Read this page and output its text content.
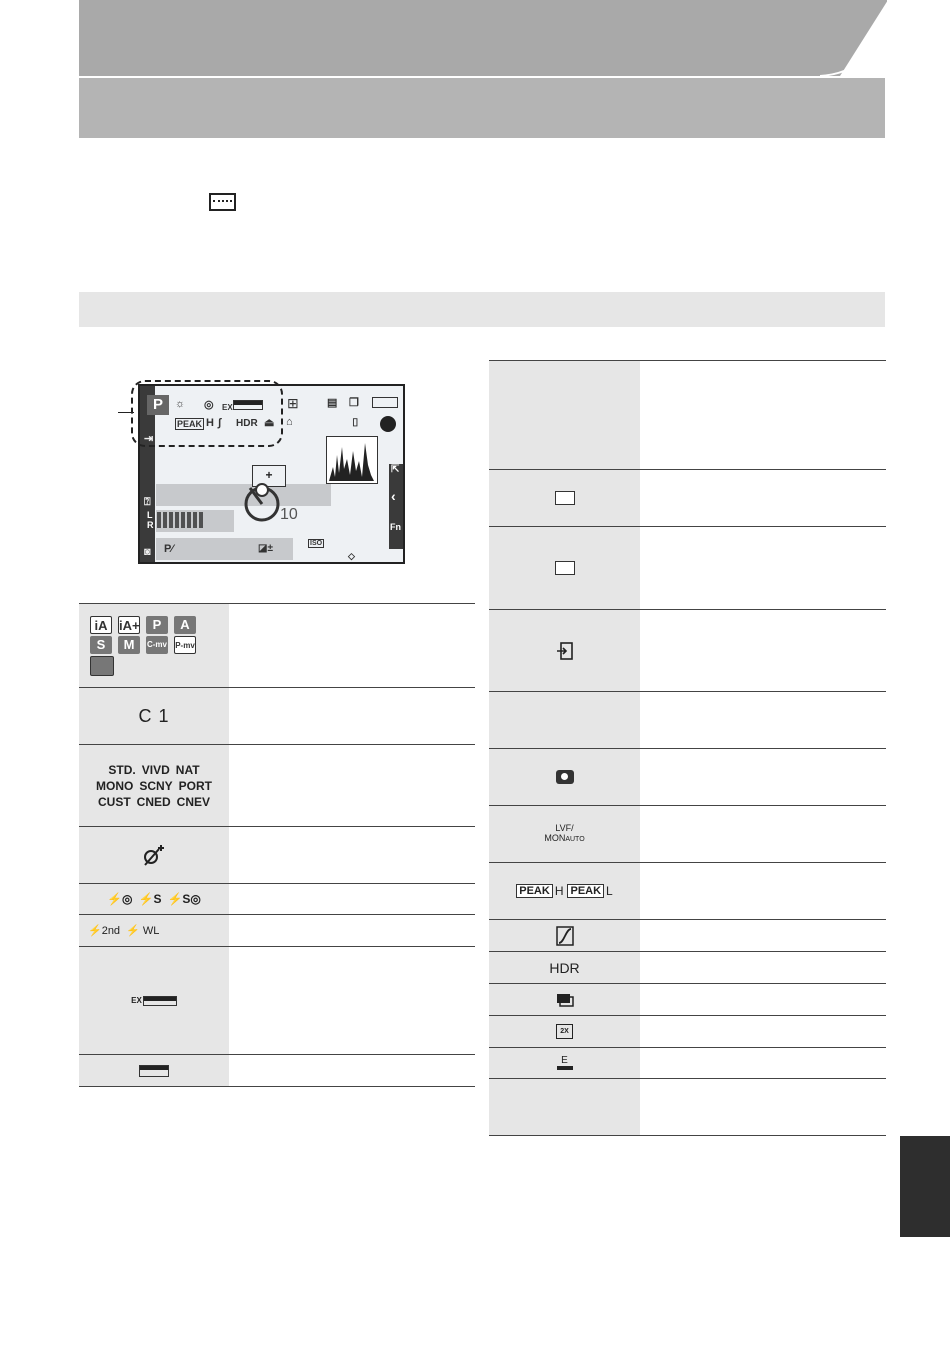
P	☼ ◎ EX	⊞	▤ ❐
PEAK H ∫ HDR ⏏ ⌂	⌷
⇥
+
10
⍰
L
R
◙ P⁄	◪±	ISO
◇
⇱
‹
Fn
iA iA+	P	A
S	M	C-mv P-mv
C 1
STD. VIVD NAT
MONO SCNY PORT
CUST CNED CNEV
⚡◎ ⚡S ⚡S◎
⚡2nd ⚡ WL
EX
LVF/
MONAUTO
PEAK H PEAK L
HDR
2X
E
